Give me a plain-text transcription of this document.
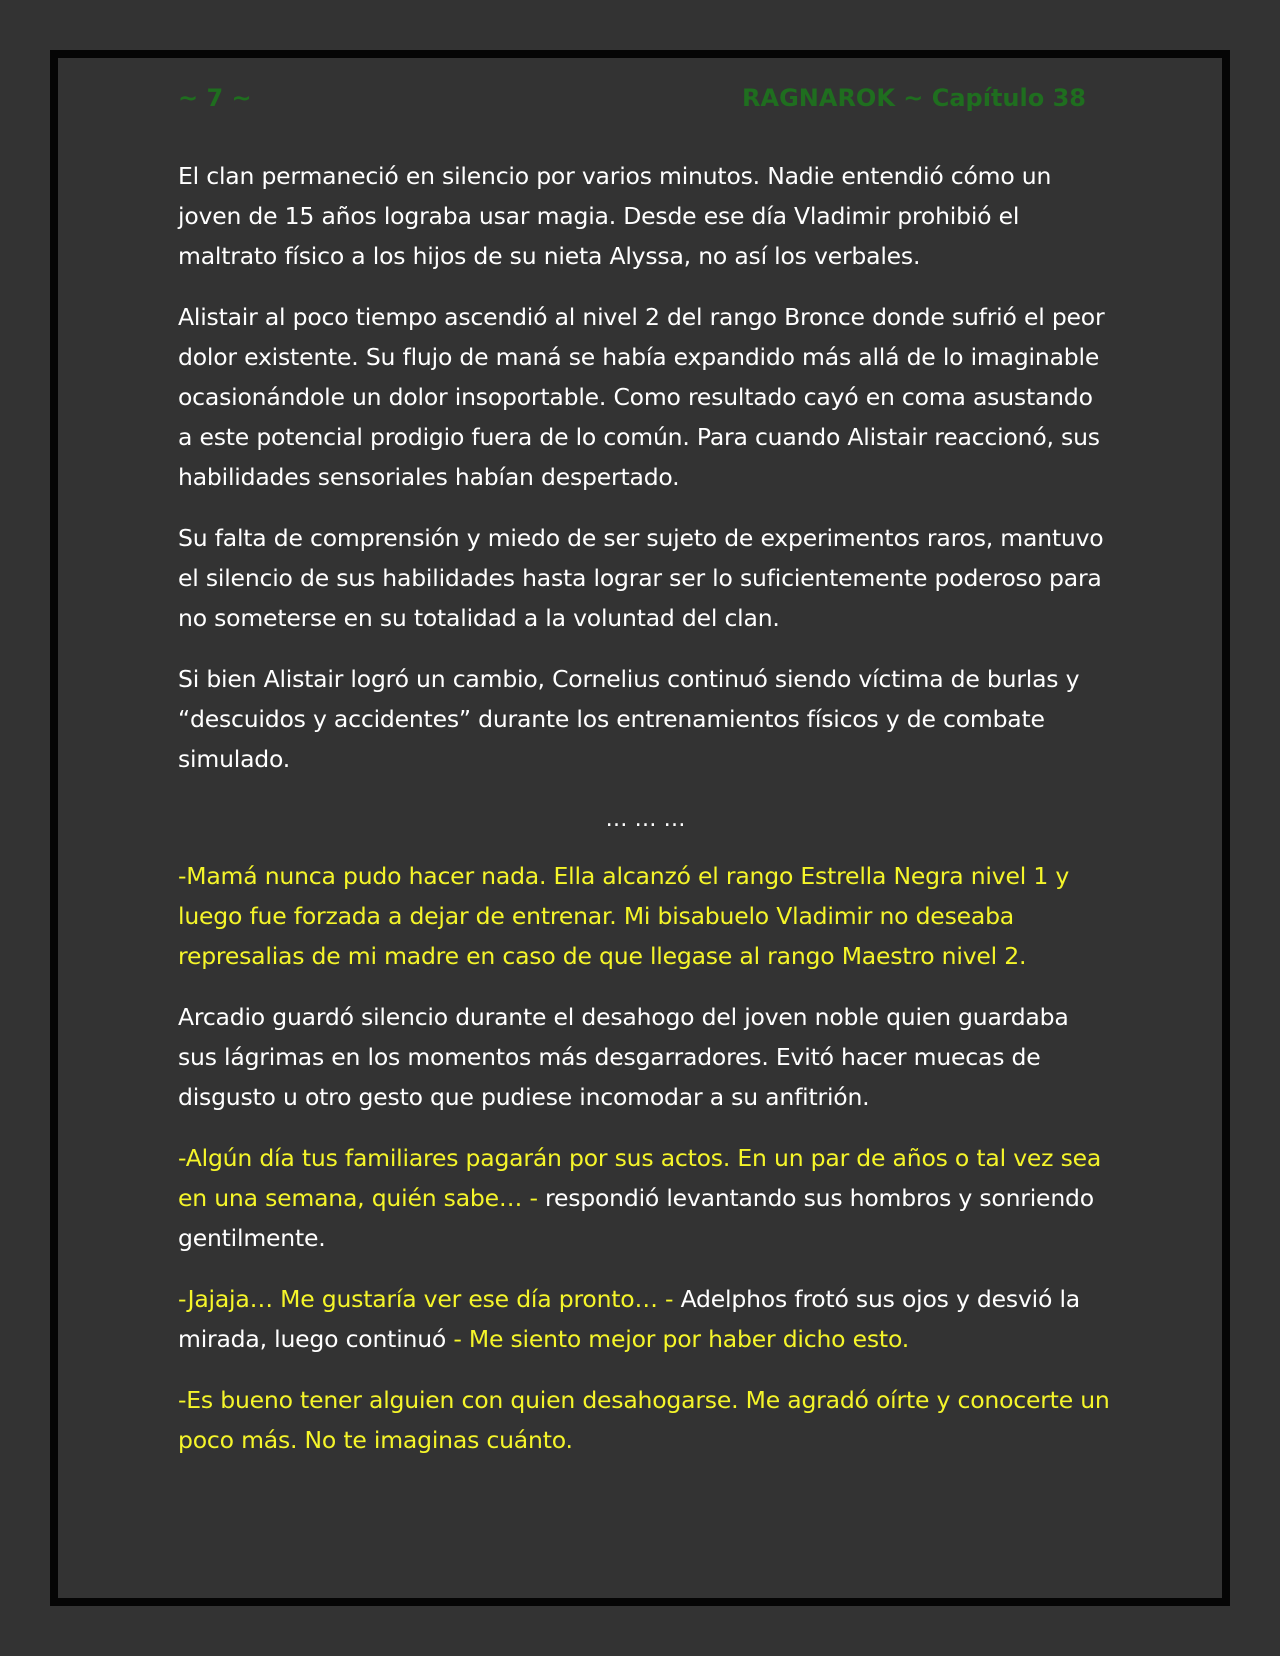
~ 7 ~	RAGNAROK ~ Capítulo 38

El clan permaneció en silencio por varios minutos. Nadie entendió cómo un joven de 15 años lograba usar magia. Desde ese día Vladimir prohibió el maltrato físico a los hijos de su nieta Alyssa, no así los verbales.

Alistair al poco tiempo ascendió al nivel 2 del rango Bronce donde sufrió el peor dolor existente. Su flujo de maná se había expandido más allá de lo imaginable ocasionándole un dolor insoportable. Como resultado cayó en coma asustando a este potencial prodigio fuera de lo común. Para cuando Alistair reaccionó, sus habilidades sensoriales habían despertado.

Su falta de comprensión y miedo de ser sujeto de experimentos raros, mantuvo el silencio de sus habilidades hasta lograr ser lo suficientemente poderoso para no someterse en su totalidad a la voluntad del clan.

Si bien Alistair logró un cambio, Cornelius continuó siendo víctima de burlas y “descuidos y accidentes” durante los entrenamientos físicos y de combate simulado.

… … …

-Mamá nunca pudo hacer nada. Ella alcanzó el rango Estrella Negra nivel 1 y luego fue forzada a dejar de entrenar. Mi bisabuelo Vladimir no deseaba represalias de mi madre en caso de que llegase al rango Maestro nivel 2.

Arcadio guardó silencio durante el desahogo del joven noble quien guardaba sus lágrimas en los momentos más desgarradores. Evitó hacer muecas de disgusto u otro gesto que pudiese incomodar a su anfitrión.

-Algún día tus familiares pagarán por sus actos. En un par de años o tal vez sea en una semana, quién sabe… - respondió levantando sus hombros y sonriendo gentilmente.

-Jajaja… Me gustaría ver ese día pronto… - Adelphos frotó sus ojos y desvió la mirada, luego continuó - Me siento mejor por haber dicho esto.

-Es bueno tener alguien con quien desahogarse. Me agradó oírte y conocerte un poco más. No te imaginas cuánto.
